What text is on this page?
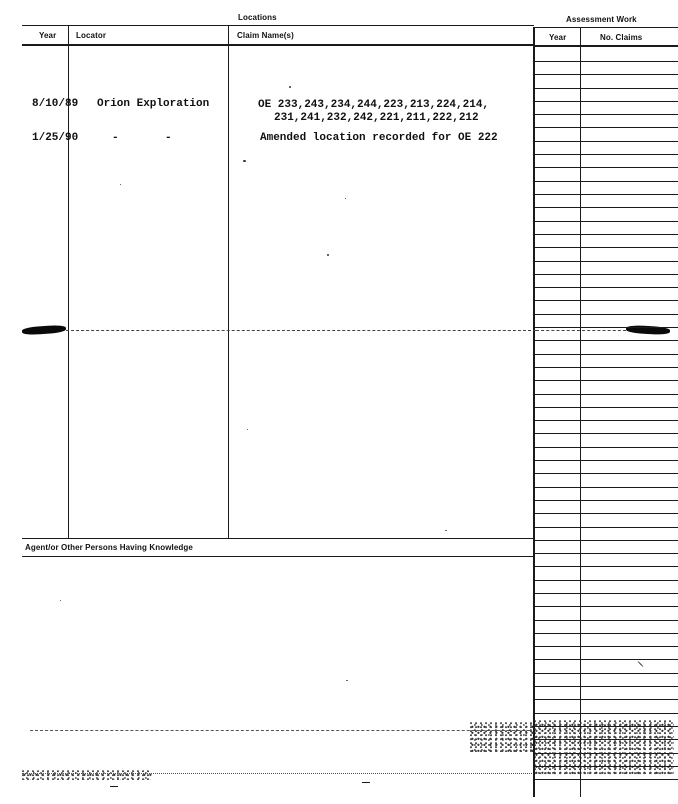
Locations	Assessment Work
Year Locator	Claim Name(s)	Year	No. Claims
Agent/or Other Persons Having Knowledge
8/10/89 Orion Exploration	OE 233,243,234,244,223,213,224,214,
231,241,232,242,221,211,222,212
1/25/90	-	-	Amended location recorded for OE 222
